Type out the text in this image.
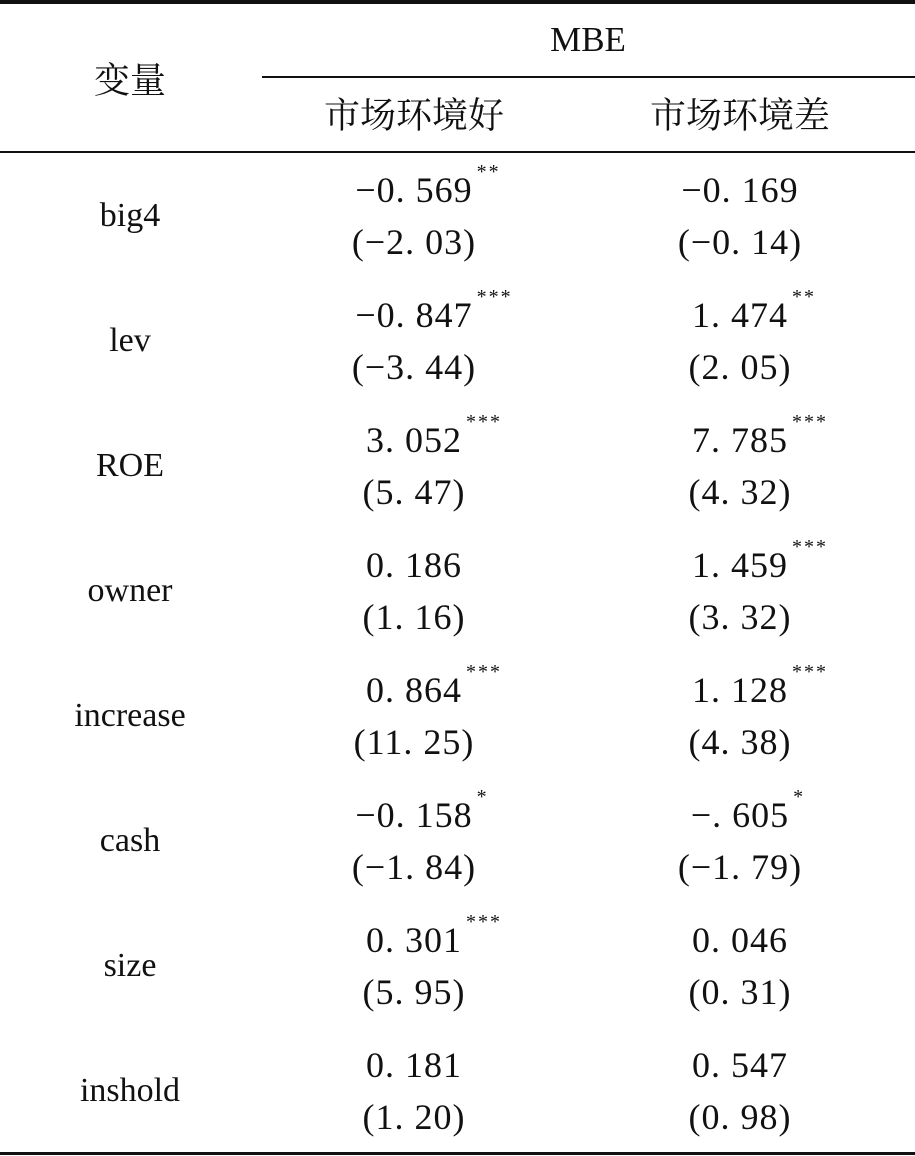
变量
MBE
市场环境好	市场环境差
big4
−0. 569 **
(−2. 03)
−0. 169
(−0. 14)
lev
−0. 847 ***
(−3. 44)
1. 474 **
(2. 05)
ROE
3. 052 ***
(5. 47)
7. 785 ***
(4. 32)
owner
0. 186
(1. 16)
1. 459 ***
(3. 32)
increase
0. 864 ***
(11. 25)
1. 128 ***
(4. 38)
cash
−0. 158 *
(−1. 84)
−. 605 *
(−1. 79)
size
0. 301 ***
(5. 95)
0. 046
(0. 31)
inshold
0. 181
(1. 20)
0. 547
(0. 98)
